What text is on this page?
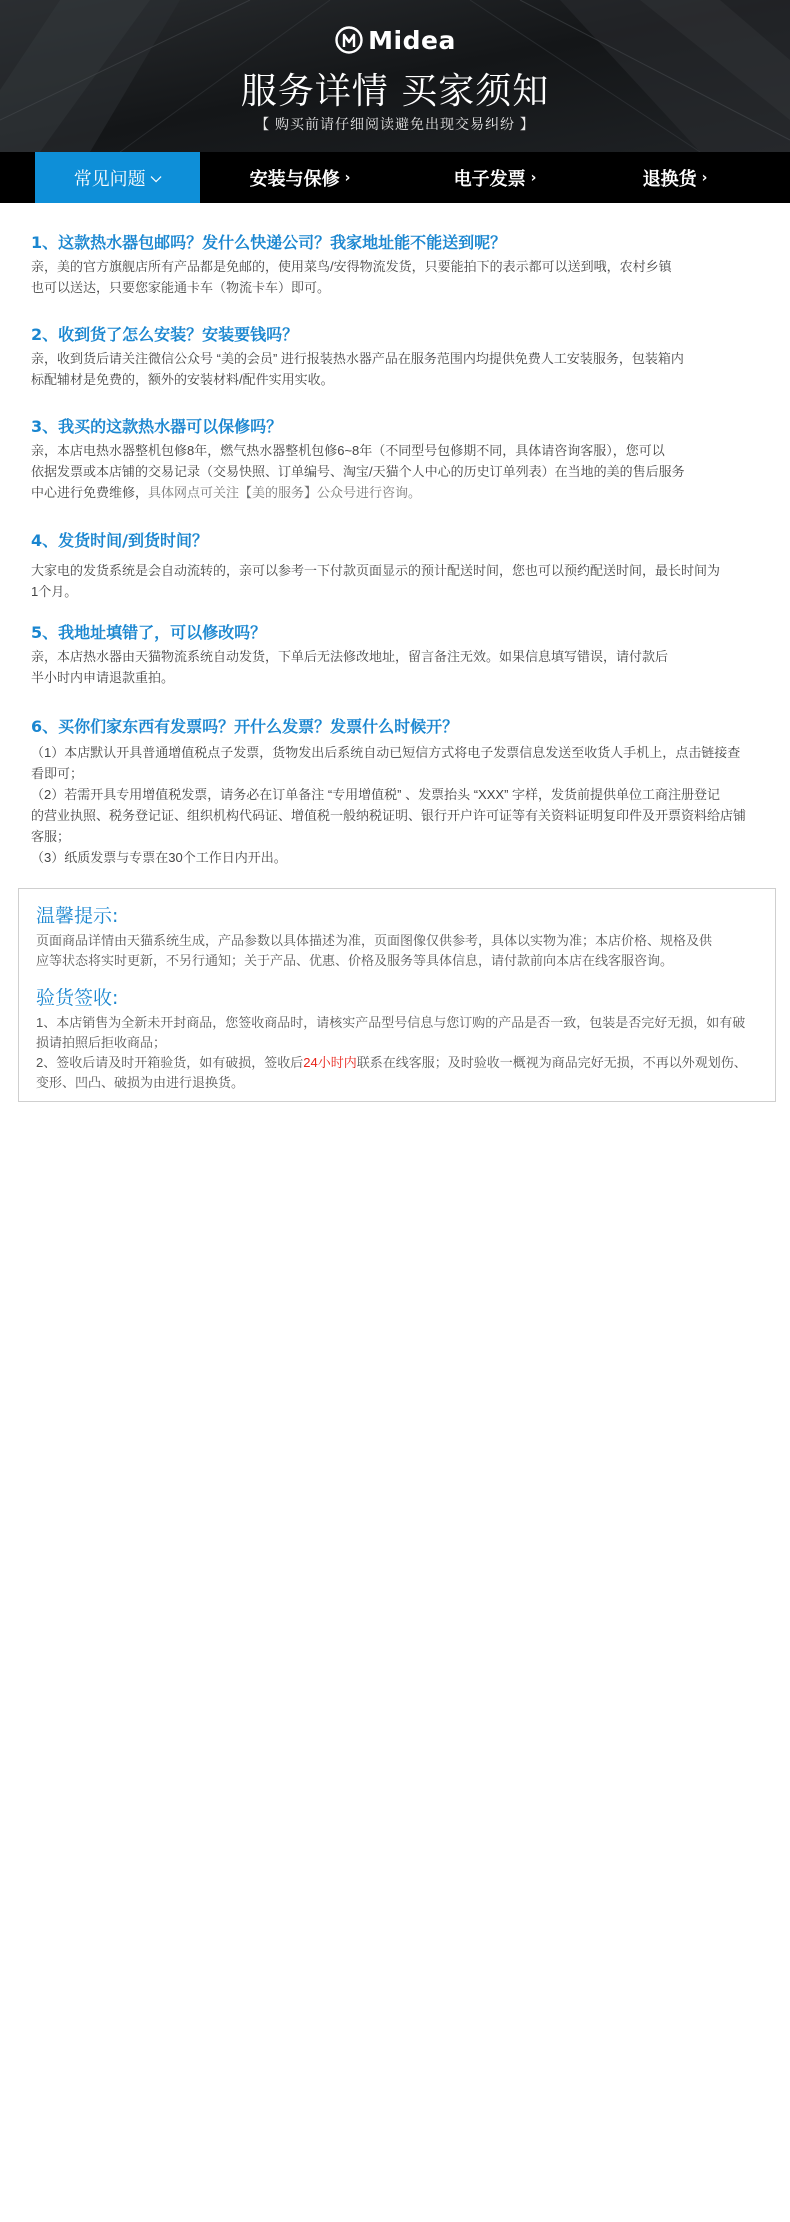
Midea
服务详情 买家须知
【 购买前请仔细阅读避免出现交易纠纷 】
常见问题 ⌵	安装与保修 ›	电子发票 ›	退换货 ›
1、这款热水器包邮吗？发什么快递公司？我家地址能不能送到呢？
亲，美的官方旗舰店所有产品都是免邮的，使用菜鸟/安得物流发货，只要能拍下的表示都可以送到哦，农村乡镇
也可以送达，只要您家能通卡车（物流卡车）即可。
2、收到货了怎么安装？安装要钱吗？
亲，收到货后请关注微信公众号 “美的会员” 进行报装热水器产品在服务范围内均提供免费人工安装服务，包装箱内
标配辅材是免费的，额外的安装材料/配件实用实收。
3、我买的这款热水器可以保修吗？
亲，本店电热水器整机包修8年，燃气热水器整机包修6~8年（不同型号包修期不同，具体请咨询客服），您可以
依据发票或本店铺的交易记录（交易快照、订单编号、淘宝/天猫个人中心的历史订单列表）在当地的美的售后服务
中心进行免费维修，具体网点可关注【美的服务】公众号进行咨询。
4、发货时间/到货时间？
大家电的发货系统是会自动流转的，亲可以参考一下付款页面显示的预计配送时间，您也可以预约配送时间，最长时间为
1个月。
5、我地址填错了，可以修改吗？
亲，本店热水器由天猫物流系统自动发货，下单后无法修改地址，留言备注无效。如果信息填写错误，请付款后
半小时内申请退款重拍。
6、买你们家东西有发票吗？开什么发票？发票什么时候开？
（1）本店默认开具普通增值税点子发票，货物发出后系统自动已短信方式将电子发票信息发送至收货人手机上，点击链接查
看即可；
（2）若需开具专用增值税发票，请务必在订单备注 “专用增值税” 、发票抬头 “XXX” 字样，发货前提供单位工商注册登记
的营业执照、税务登记证、组织机构代码证、增值税一般纳税证明、银行开户许可证等有关资料证明复印件及开票资料给店铺
客服；
（3）纸质发票与专票在30个工作日内开出。
温馨提示:
页面商品详情由天猫系统生成，产品参数以具体描述为准，页面图像仅供参考，具体以实物为准；本店价格、规格及供
应等状态将实时更新，不另行通知；关于产品、优惠、价格及服务等具体信息，请付款前向本店在线客服咨询。
验货签收:
1、本店销售为全新未开封商品，您签收商品时，请核实产品型号信息与您订购的产品是否一致，包装是否完好无损，如有破
损请拍照后拒收商品；
2、签收后请及时开箱验货，如有破损，签收后24小时内联系在线客服；及时验收一概视为商品完好无损，不再以外观划伤、
变形、凹凸、破损为由进行退换货。
